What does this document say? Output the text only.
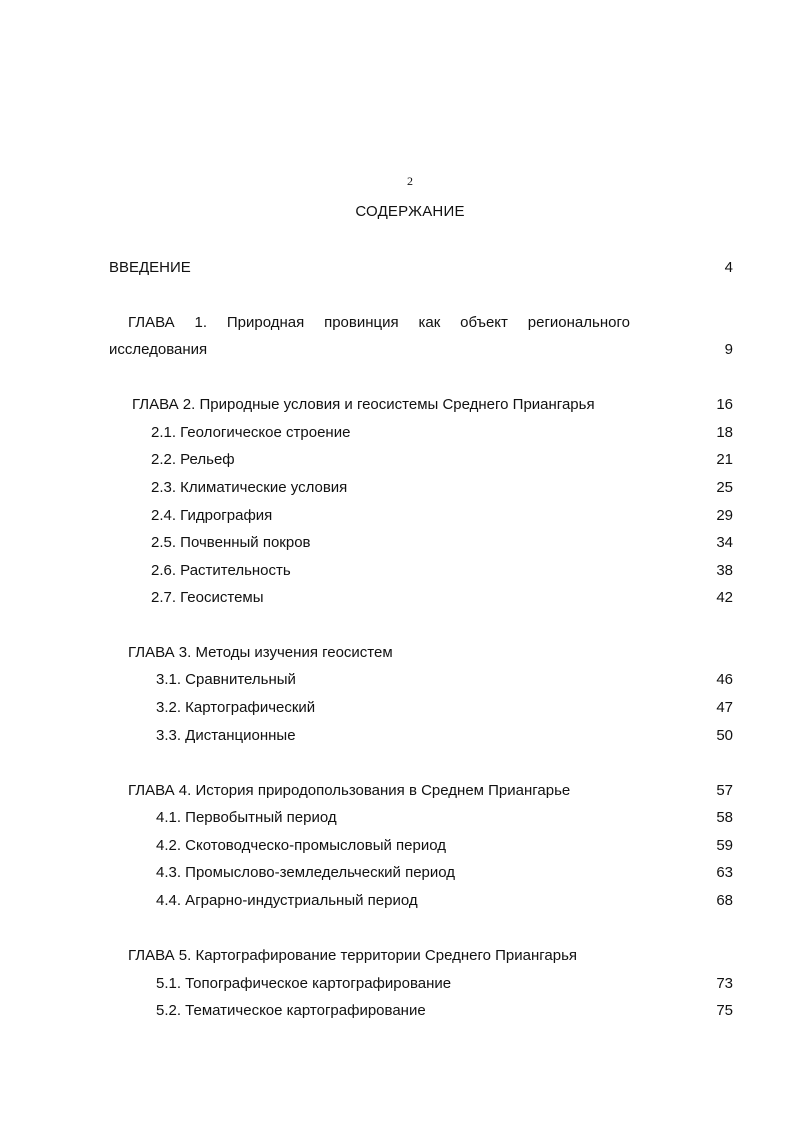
2
СОДЕРЖАНИЕ
ВВЕДЕНИЕ	4
ГЛАВА 1. Природная провинция как объект регионального
исследования	9
ГЛАВА 2. Природные условия и геосистемы Среднего Приангарья	16
2.1. Геологическое строение	18
2.2. Рельеф	21
2.3. Климатические условия	25
2.4. Гидрография	29
2.5. Почвенный покров	34
2.6. Растительность	38
2.7. Геосистемы	42
ГЛАВА 3. Методы изучения геосистем
3.1. Сравнительный	46
3.2. Картографический	47
3.3. Дистанционные	50
ГЛАВА 4. История природопользования в Среднем Приангарье	57
4.1. Первобытный период	58
4.2. Скотоводческо-промысловый период	59
4.3. Промыслово-земледельческий период	63
4.4. Аграрно-индустриальный период	68
ГЛАВА 5. Картографирование территории Среднего Приангарья
5.1. Топографическое картографирование	73
5.2. Тематическое картографирование	75
